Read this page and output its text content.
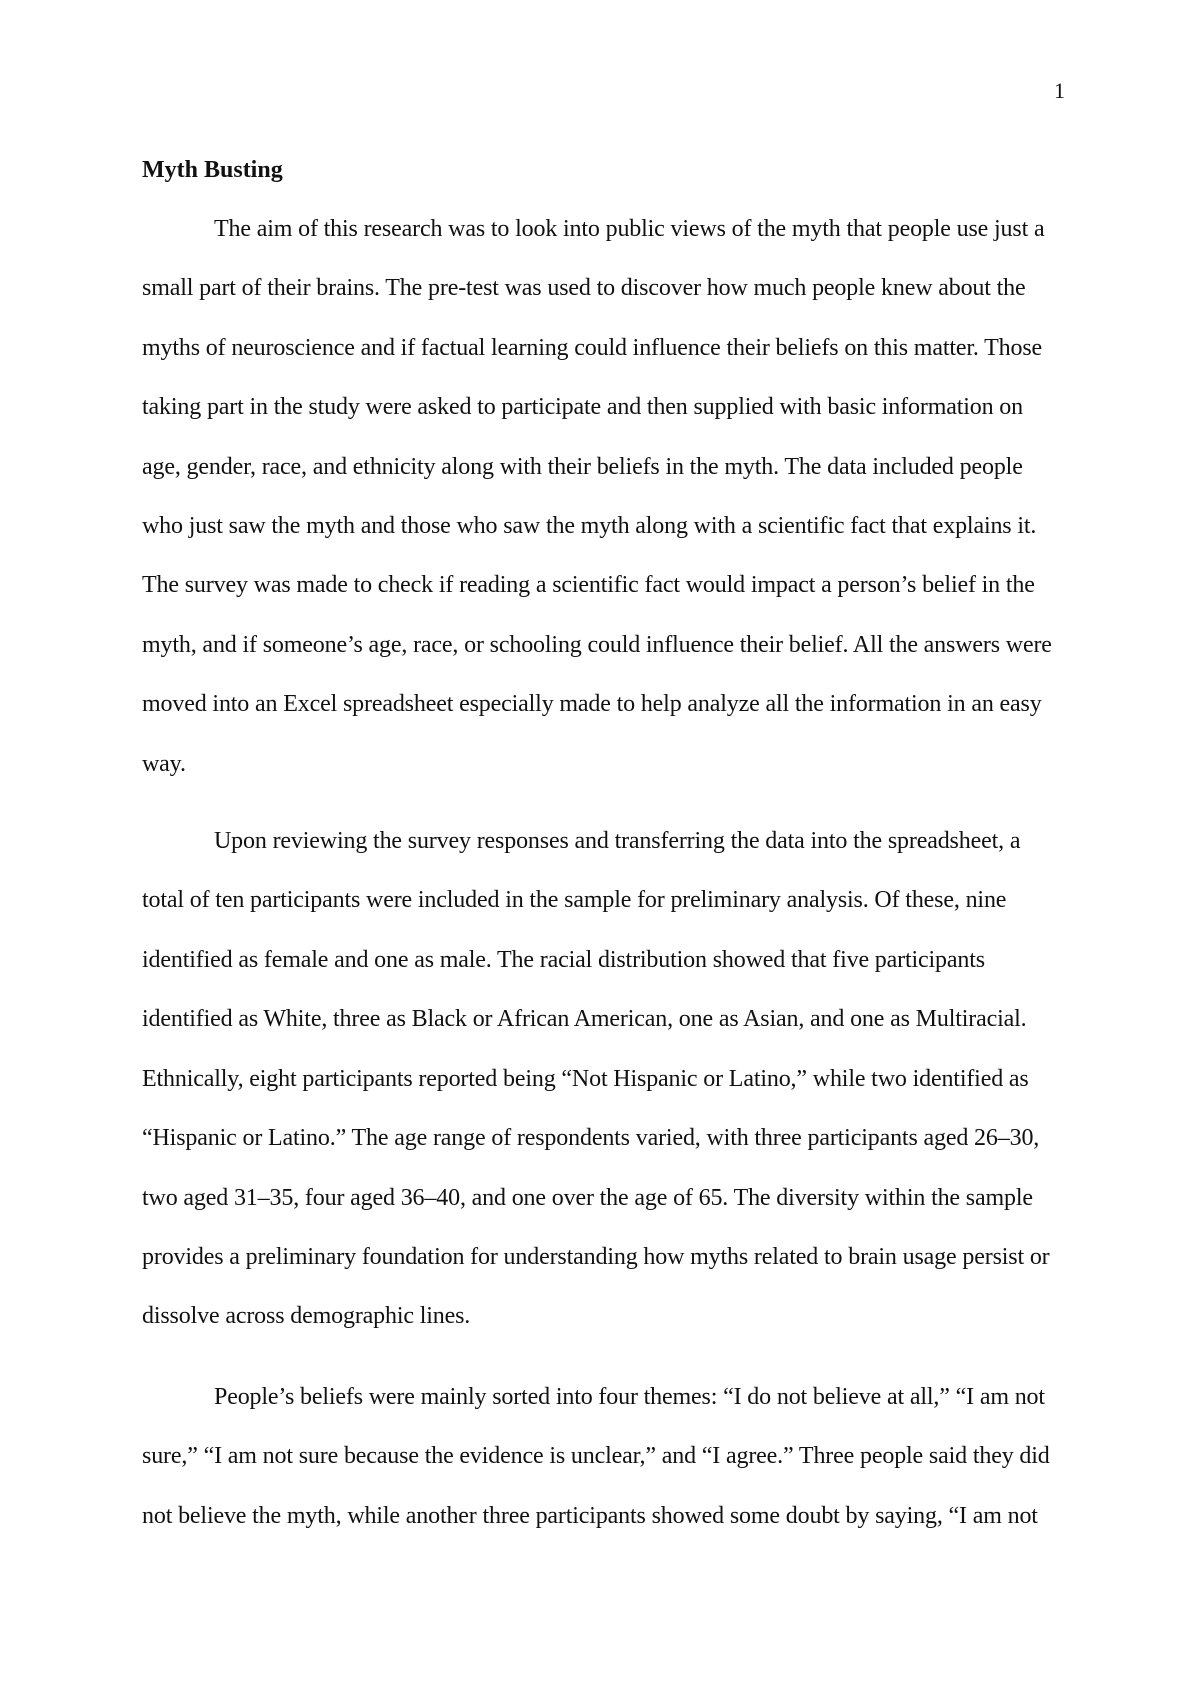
1
Myth Busting

The aim of this research was to look into public views of the myth that people use just a small part of their brains. The pre-test was used to discover how much people knew about the myths of neuroscience and if factual learning could influence their beliefs on this matter. Those taking part in the study were asked to participate and then supplied with basic information on age, gender, race, and ethnicity along with their beliefs in the myth. The data included people who just saw the myth and those who saw the myth along with a scientific fact that explains it. The survey was made to check if reading a scientific fact would impact a person’s belief in the myth, and if someone’s age, race, or schooling could influence their belief. All the answers were moved into an Excel spreadsheet especially made to help analyze all the information in an easy way.

Upon reviewing the survey responses and transferring the data into the spreadsheet, a total of ten participants were included in the sample for preliminary analysis. Of these, nine identified as female and one as male. The racial distribution showed that five participants identified as White, three as Black or African American, one as Asian, and one as Multiracial. Ethnically, eight participants reported being “Not Hispanic or Latino,” while two identified as “Hispanic or Latino.” The age range of respondents varied, with three participants aged 26–30, two aged 31–35, four aged 36–40, and one over the age of 65. The diversity within the sample provides a preliminary foundation for understanding how myths related to brain usage persist or dissolve across demographic lines.

People’s beliefs were mainly sorted into four themes: “I do not believe at all,” “I am not sure,” “I am not sure because the evidence is unclear,” and “I agree.” Three people said they did not believe the myth, while another three participants showed some doubt by saying, “I am not
